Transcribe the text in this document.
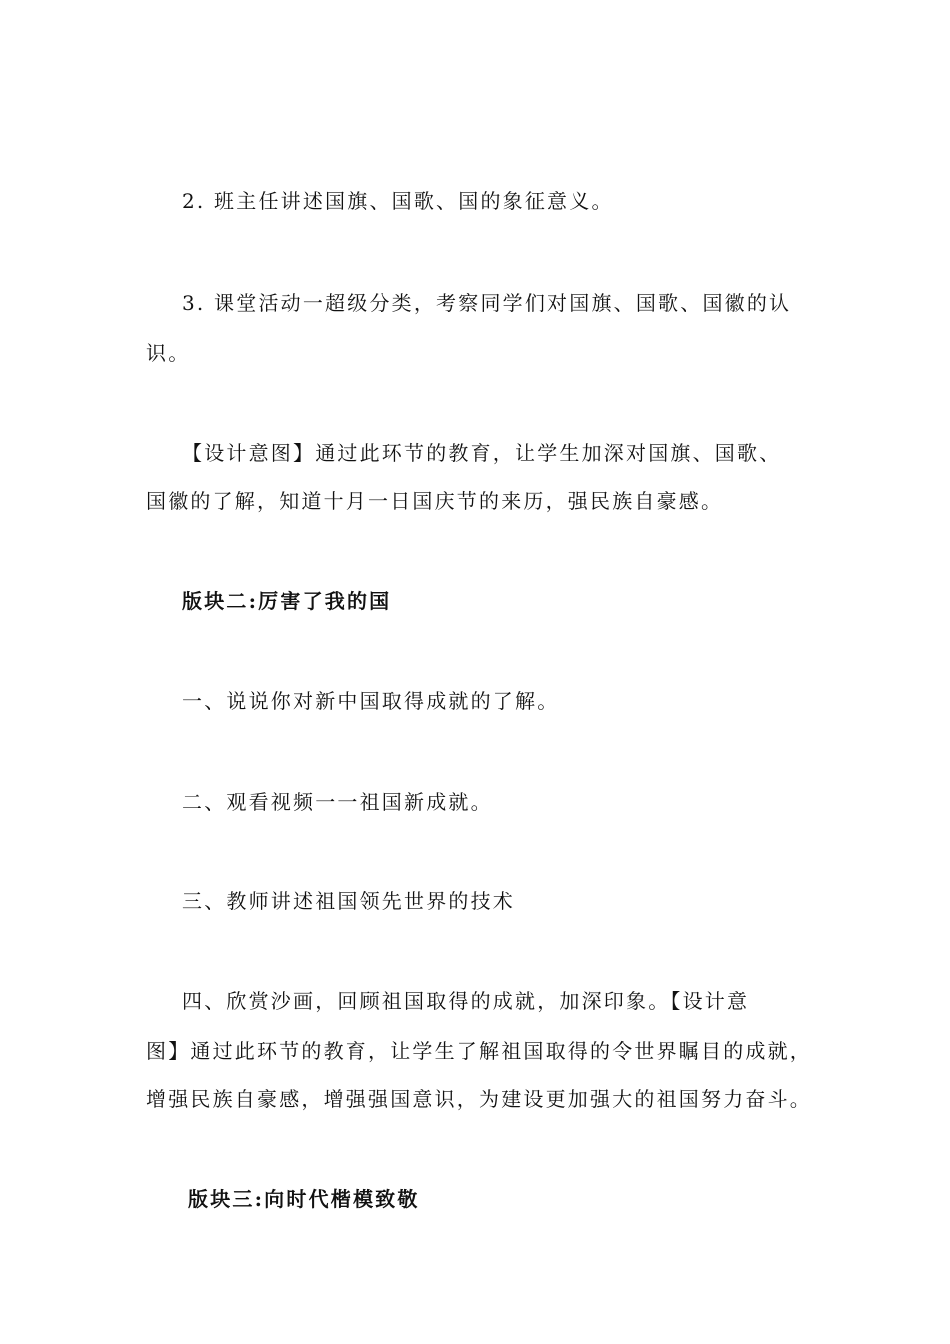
2. 班主任讲述国旗、国歌、国的象征意义。
3. 课堂活动一超级分类，考察同学们对国旗、国歌、国徽的认
识。
【设计意图】通过此环节的教育，让学生加深对国旗、国歌、
国徽的了解，知道十月一日国庆节的来历，强民族自豪感。
版块二:厉害了我的国
一、说说你对新中国取得成就的了解。
二、观看视频一一祖国新成就。
三、教师讲述祖国领先世界的技术
四、欣赏沙画，回顾祖国取得的成就，加深印象。【设计意
图】通过此环节的教育，让学生了解祖国取得的令世界瞩目的成就，
增强民族自豪感，增强强国意识，为建设更加强大的祖国努力奋斗。
版块三:向时代楷模致敬
